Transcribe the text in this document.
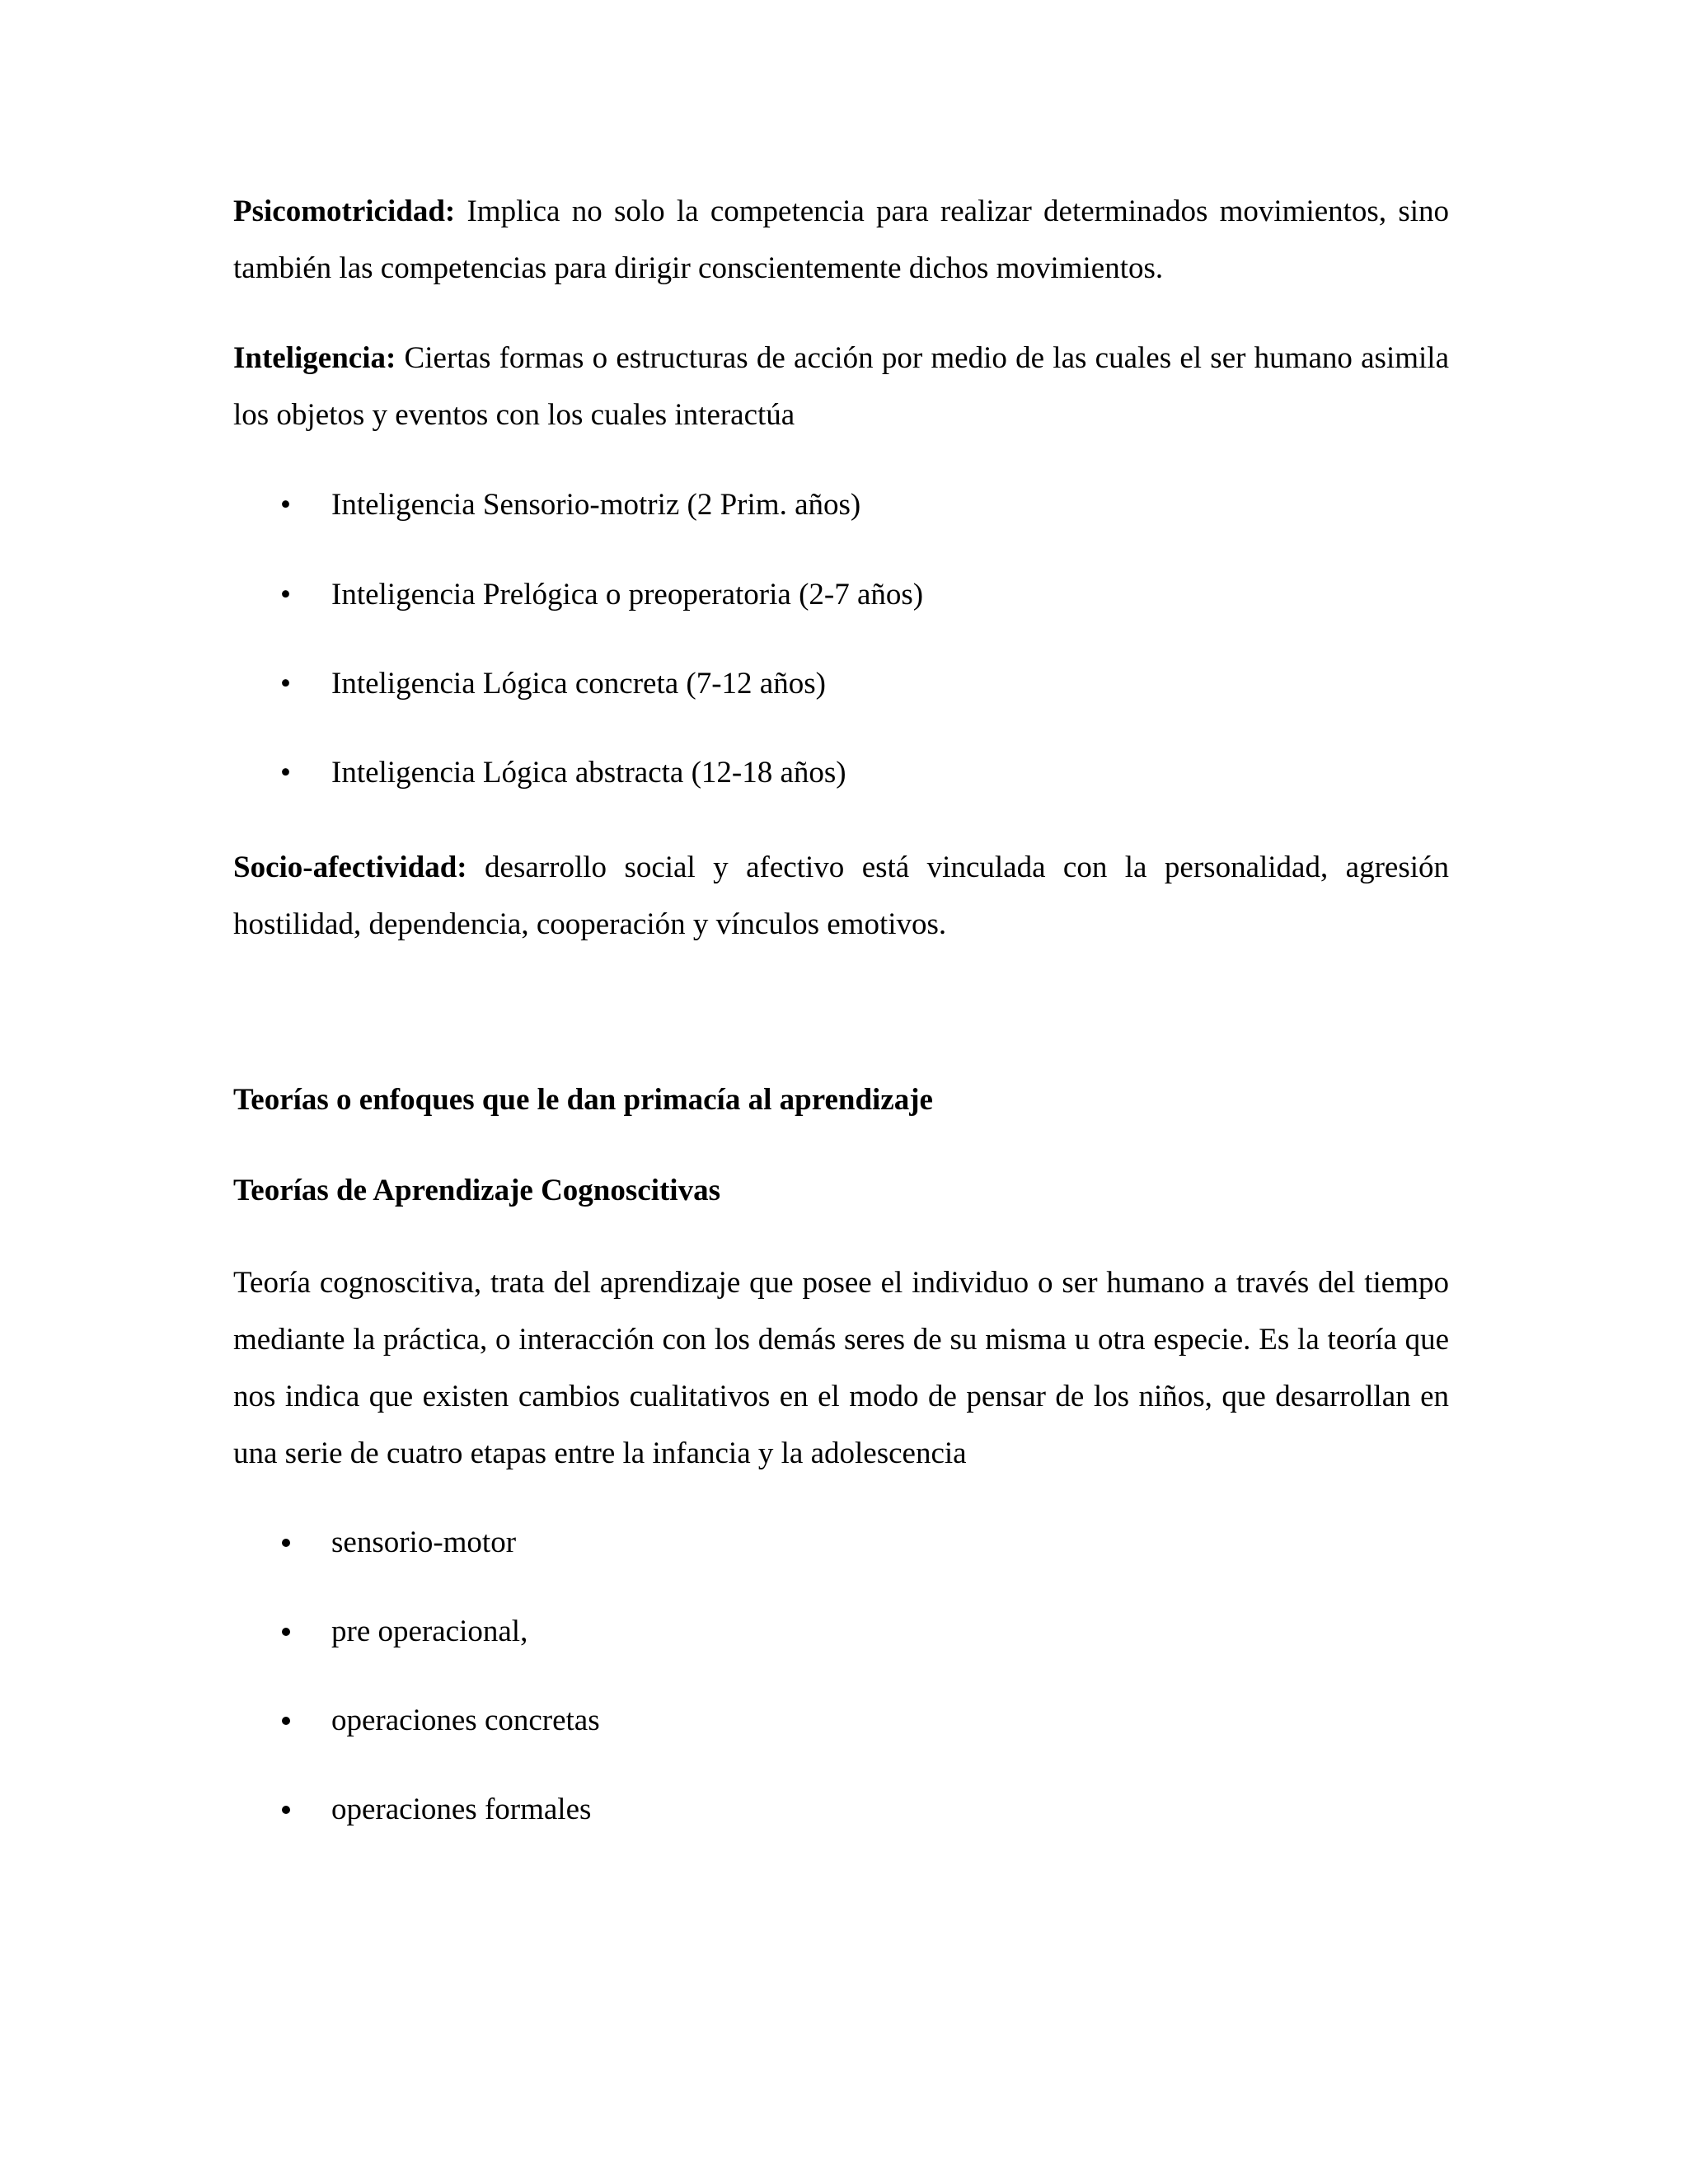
Psicomotricidad: Implica no solo la competencia para realizar determinados movimientos, sino también las competencias para dirigir conscientemente dichos movimientos.

Inteligencia: Ciertas formas o estructuras de acción por medio de las cuales el ser humano asimila los objetos y eventos con los cuales interactúa

• Inteligencia Sensorio-motriz (2 Prim. años)
• Inteligencia Prelógica o preoperatoria (2-7 años)
• Inteligencia Lógica concreta (7-12 años)
• Inteligencia Lógica abstracta (12-18 años)

Socio-afectividad: desarrollo social y afectivo está vinculada con la personalidad, agresión hostilidad, dependencia, cooperación y vínculos emotivos.

Teorías o enfoques que le dan primacía al aprendizaje
Teorías de Aprendizaje Cognoscitivas

Teoría cognoscitiva, trata del aprendizaje que posee el individuo o ser humano a través del tiempo mediante la práctica, o interacción con los demás seres de su misma u otra especie. Es la teoría que nos indica que existen cambios cualitativos en el modo de pensar de los niños, que desarrollan en una serie de cuatro etapas entre la infancia y la adolescencia

sensorio-motor
pre operacional,
operaciones concretas
operaciones formales
